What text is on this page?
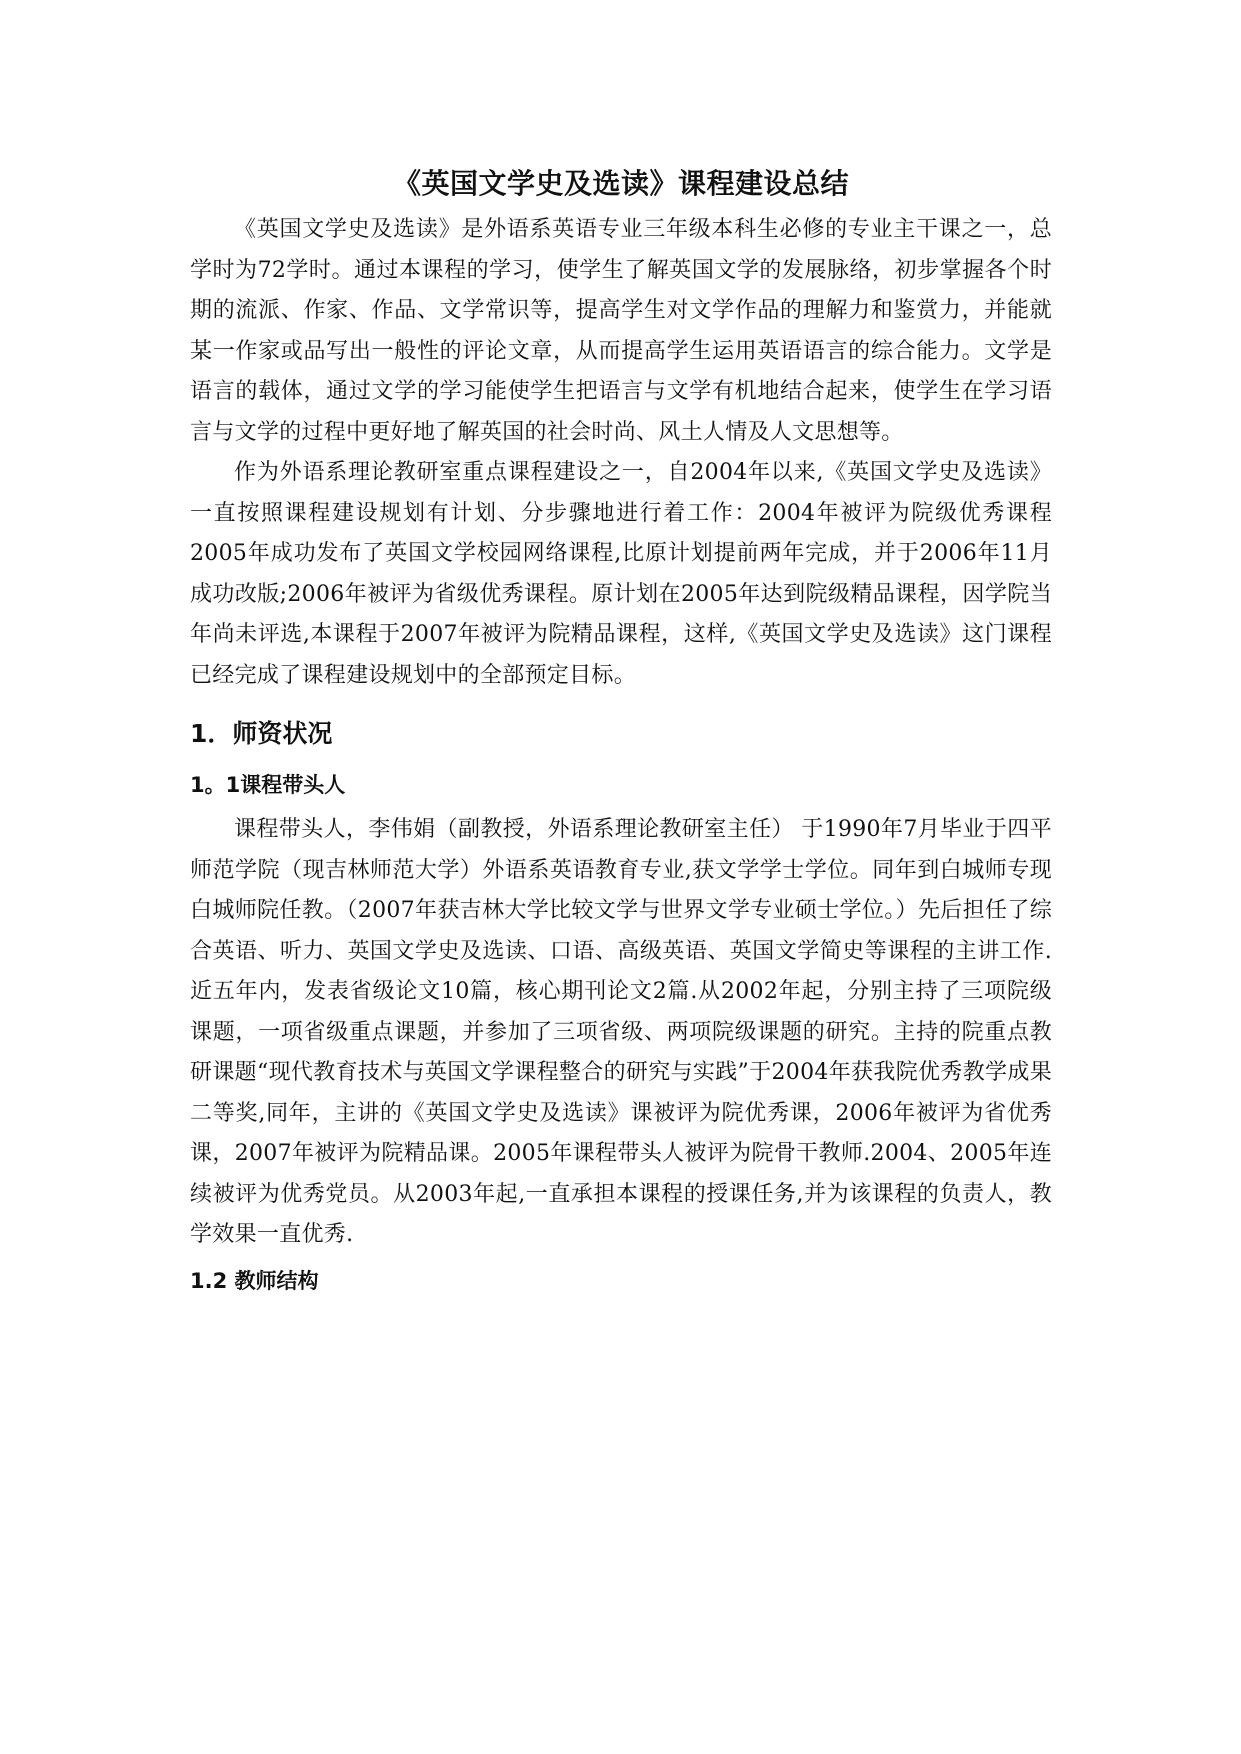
《英国文学史及选读》课程建设总结

《英国文学史及选读》是外语系英语专业三年级本科生必修的专业主干课之一，总学时为72学时。通过本课程的学习，使学生了解英国文学的发展脉络，初步掌握各个时期的流派、作家、作品、文学常识等，提高学生对文学作品的理解力和鉴赏力，并能就某一作家或品写出一般性的评论文章，从而提高学生运用英语语言的综合能力。文学是语言的载体，通过文学的学习能使学生把语言与文学有机地结合起来，使学生在学习语言与文学的过程中更好地了解英国的社会时尚、风土人情及人文思想等。

作为外语系理论教研室重点课程建设之一，自2004年以来,《英国文学史及选读》一直按照课程建设规划有计划、分步骤地进行着工作：2004年被评为院级优秀课程 2005年成功发布了英国文学校园网络课程,比原计划提前两年完成，并于2006年11月成功改版;2006年被评为省级优秀课程。原计划在2005年达到院级精品课程，因学院当年尚未评选,本课程于2007年被评为院精品课程，这样,《英国文学史及选读》这门课程已经完成了课程建设规划中的全部预定目标。

1．师资状况
1。1课程带头人

课程带头人，李伟娟（副教授，外语系理论教研室主任） 于1990年7月毕业于四平师范学院（现吉林师范大学）外语系英语教育专业,获文学学士学位。同年到白城师专现白城师院任教。（2007年获吉林大学比较文学与世界文学专业硕士学位。）先后担任了综合英语、听力、英国文学史及选读、口语、高级英语、英国文学简史等课程的主讲工作.近五年内，发表省级论文10篇，核心期刊论文2篇.从2002年起，分别主持了三项院级课题，一项省级重点课题，并参加了三项省级、两项院级课题的研究。主持的院重点教研课题“现代教育技术与英国文学课程整合的研究与实践”于2004年获我院优秀教学成果二等奖,同年，主讲的《英国文学史及选读》课被评为院优秀课，2006年被评为省优秀课，2007年被评为院精品课。2005年课程带头人被评为院骨干教师.2004、2005年连续被评为优秀党员。从2003年起,一直承担本课程的授课任务,并为该课程的负责人，教学效果一直优秀.

1.2 教师结构
